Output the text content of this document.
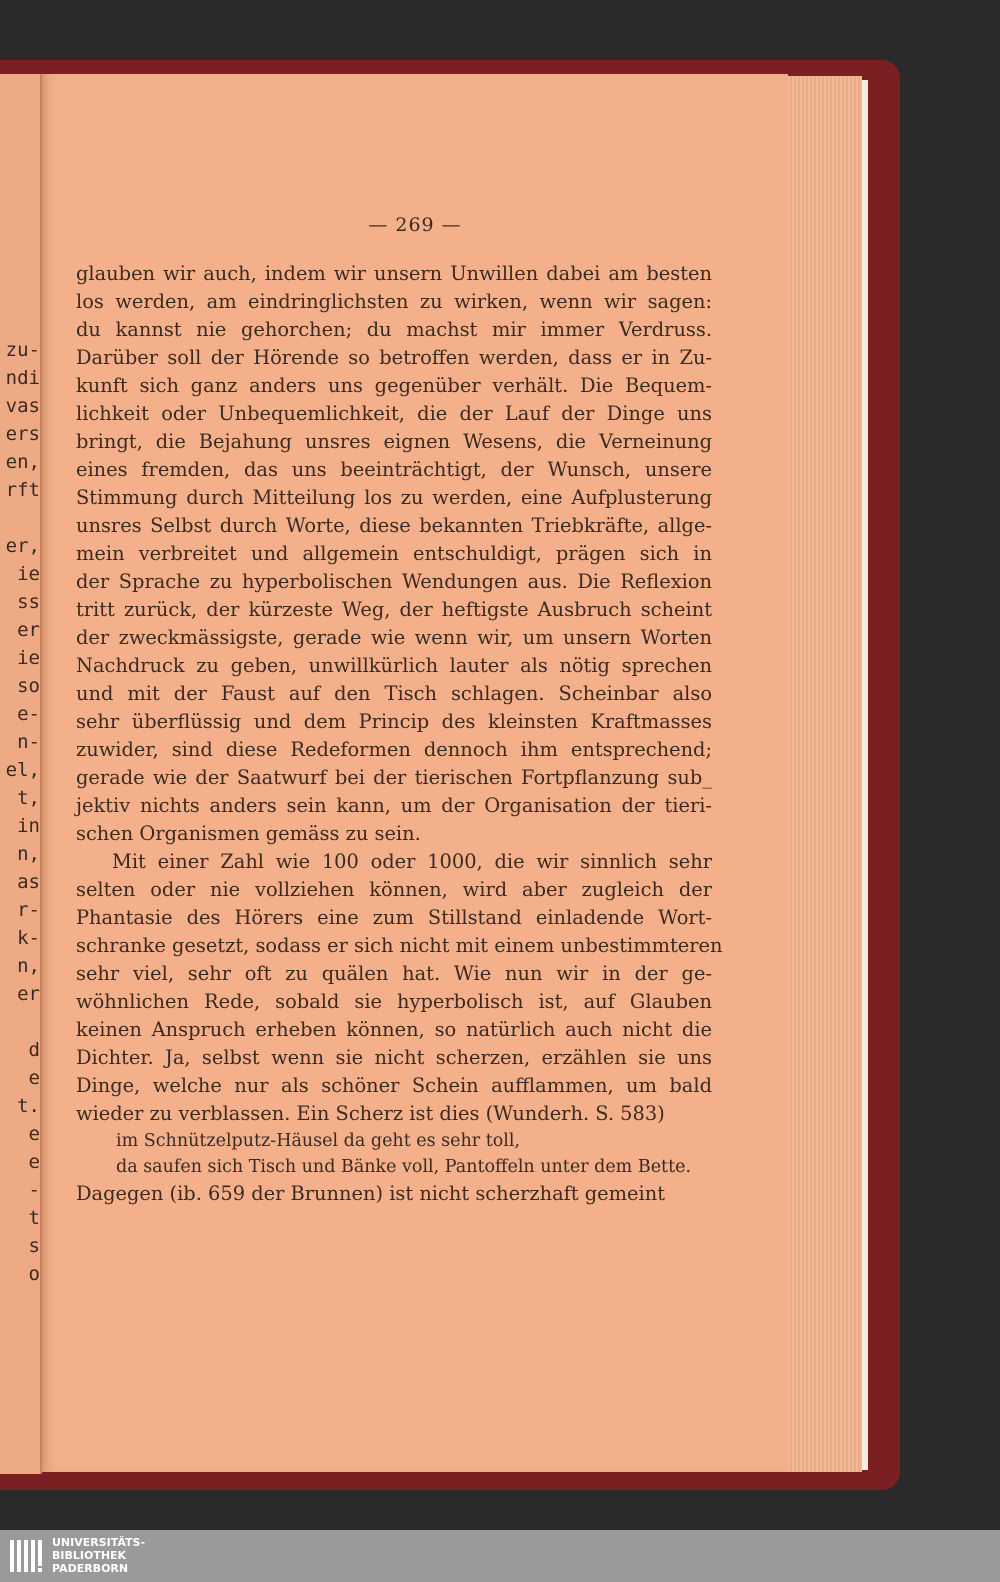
zu-
ndi
vas
ers
en,
rft

er,
ie
ss
er
ie
so
e-
n-
el,
t,
in
n,
as
r-
k-
n,
er

d
e
t.
e
e
-
t
s
o

— 269 —

glauben wir auch, indem wir unsern Unwillen dabei am besten
los werden, am eindringlichsten zu wirken, wenn wir sagen:
du kannst nie gehorchen; du machst mir immer Verdruss.
Darüber soll der Hörende so betroffen werden, dass er in Zu-
kunft sich ganz anders uns gegenüber verhält. Die Bequem-
lichkeit oder Unbequemlichkeit, die der Lauf der Dinge uns
bringt, die Bejahung unsres eignen Wesens, die Verneinung
eines fremden, das uns beeinträchtigt, der Wunsch, unsere
Stimmung durch Mitteilung los zu werden, eine Aufplusterung
unsres Selbst durch Worte, diese bekannten Triebkräfte, allge-
mein verbreitet und allgemein entschuldigt, prägen sich in
der Sprache zu hyperbolischen Wendungen aus. Die Reflexion
tritt zurück, der kürzeste Weg, der heftigste Ausbruch scheint
der zweckmässigste, gerade wie wenn wir, um unsern Worten
Nachdruck zu geben, unwillkürlich lauter als nötig sprechen
und mit der Faust auf den Tisch schlagen. Scheinbar also
sehr überflüssig und dem Princip des kleinsten Kraftmasses
zuwider, sind diese Redeformen dennoch ihm entsprechend;
gerade wie der Saatwurf bei der tierischen Fortpflanzung sub_
jektiv nichts anders sein kann, um der Organisation der tieri-
schen Organismen gemäss zu sein.

Mit einer Zahl wie 100 oder 1000, die wir sinnlich sehr
selten oder nie vollziehen können, wird aber zugleich der
Phantasie des Hörers eine zum Stillstand einladende Wort-
schranke gesetzt, sodass er sich nicht mit einem unbestimmteren
sehr viel, sehr oft zu quälen hat. Wie nun wir in der ge-
wöhnlichen Rede, sobald sie hyperbolisch ist, auf Glauben
keinen Anspruch erheben können, so natürlich auch nicht die
Dichter. Ja, selbst wenn sie nicht scherzen, erzählen sie uns
Dinge, welche nur als schöner Schein aufflammen, um bald
wieder zu verblassen. Ein Scherz ist dies (Wunderh. S. 583)

im Schnützelputz-Häusel da geht es sehr toll,
da saufen sich Tisch und Bänke voll, Pantoffeln unter dem Bette.

Dagegen (ib. 659 der Brunnen) ist nicht scherzhaft gemeint

UNIVERSITÄTS-
BIBLIOTHEK
PADERBORN
